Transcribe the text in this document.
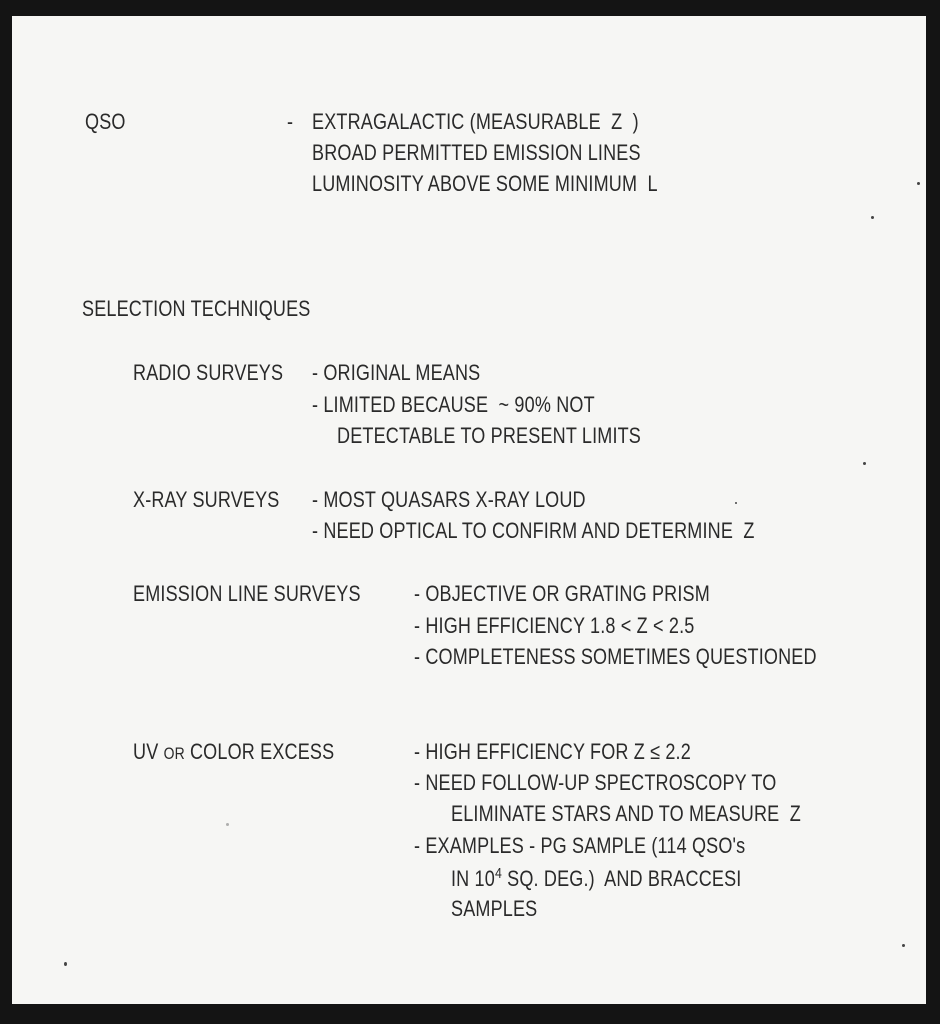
QSO	- EXTRAGALACTIC (MEASURABLE  Z  )
BROAD PERMITTED EMISSION LINES
LUMINOSITY ABOVE SOME MINIMUM  L
SELECTION TECHNIQUES
RADIO SURVEYS - ORIGINAL MEANS
- LIMITED BECAUSE  ~ 90% NOT
DETECTABLE TO PRESENT LIMITS
X-RAY SURVEYS - MOST QUASARS X-RAY LOUD
- NEED OPTICAL TO CONFIRM AND DETERMINE  Z
EMISSION LINE SURVEYS - OBJECTIVE OR GRATING PRISM
- HIGH EFFICIENCY 1.8 < Z < 2.5
- COMPLETENESS SOMETIMES QUESTIONED
UV OR COLOR EXCESS	- HIGH EFFICIENCY FOR Z ≤ 2.2
- NEED FOLLOW-UP SPECTROSCOPY TO
ELIMINATE STARS AND TO MEASURE  Z
- EXAMPLES - PG SAMPLE (114 QSO's
IN $10^4$ SQ. DEG.)  AND BRACCESI
SAMPLES
